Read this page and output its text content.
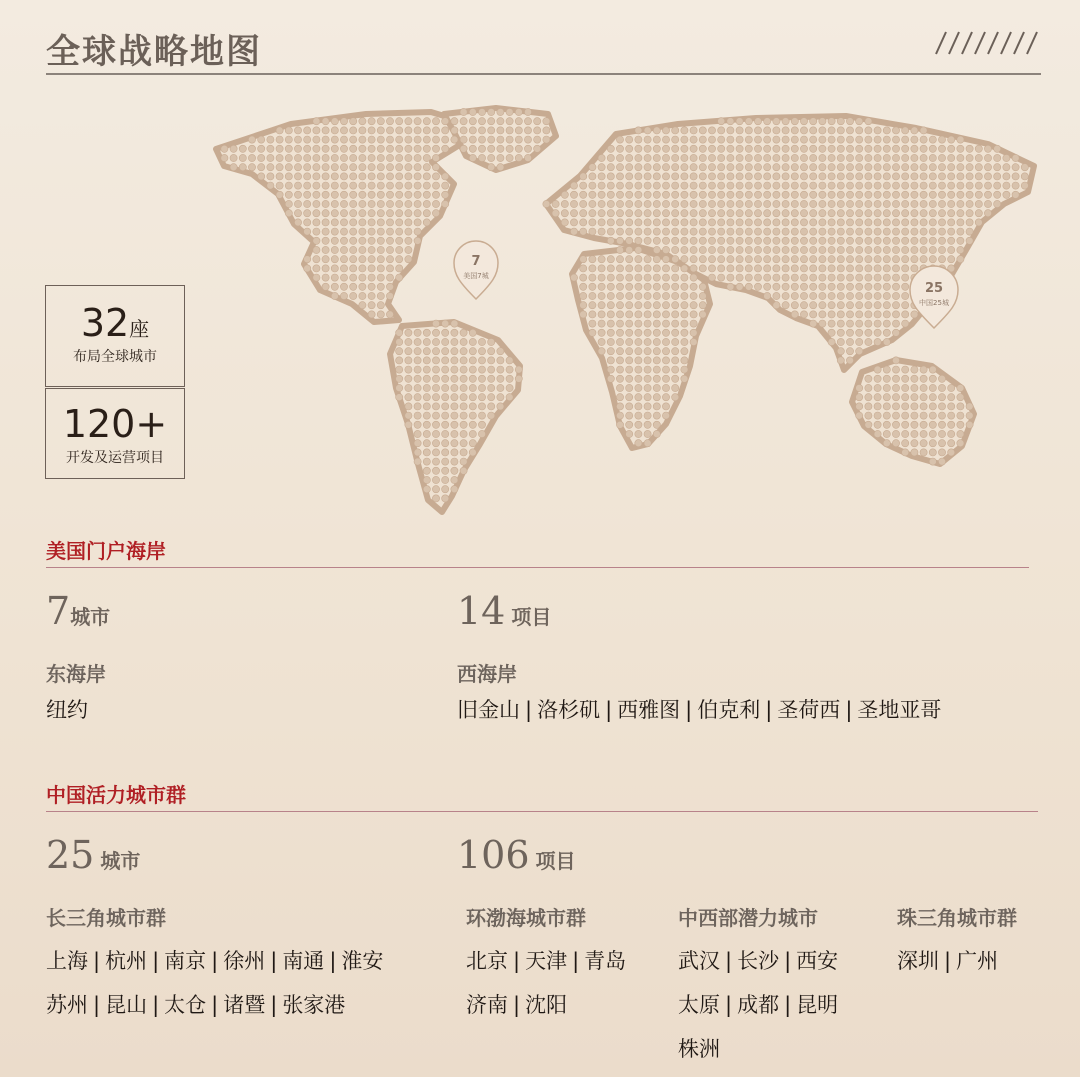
全球战略地图
7
美国7城
25
中国25城
32座
布局全球城市
120+
开发及运营项目
美国门户海岸
7城市	14 项目
东海岸
纽约
西海岸
旧金山 | 洛杉矶 | 西雅图 | 伯克利 | 圣荷西 | 圣地亚哥
中国活力城市群
25 城市	106 项目
长三角城市群
上海 | 杭州 | 南京 | 徐州 | 南通 | 淮安
苏州 | 昆山 | 太仓 | 诸暨 | 张家港
环渤海城市群
北京 | 天津 | 青岛
济南 | 沈阳
中西部潜力城市
武汉 | 长沙 | 西安
太原 | 成都 | 昆明
株洲
珠三角城市群
深圳 | 广州
